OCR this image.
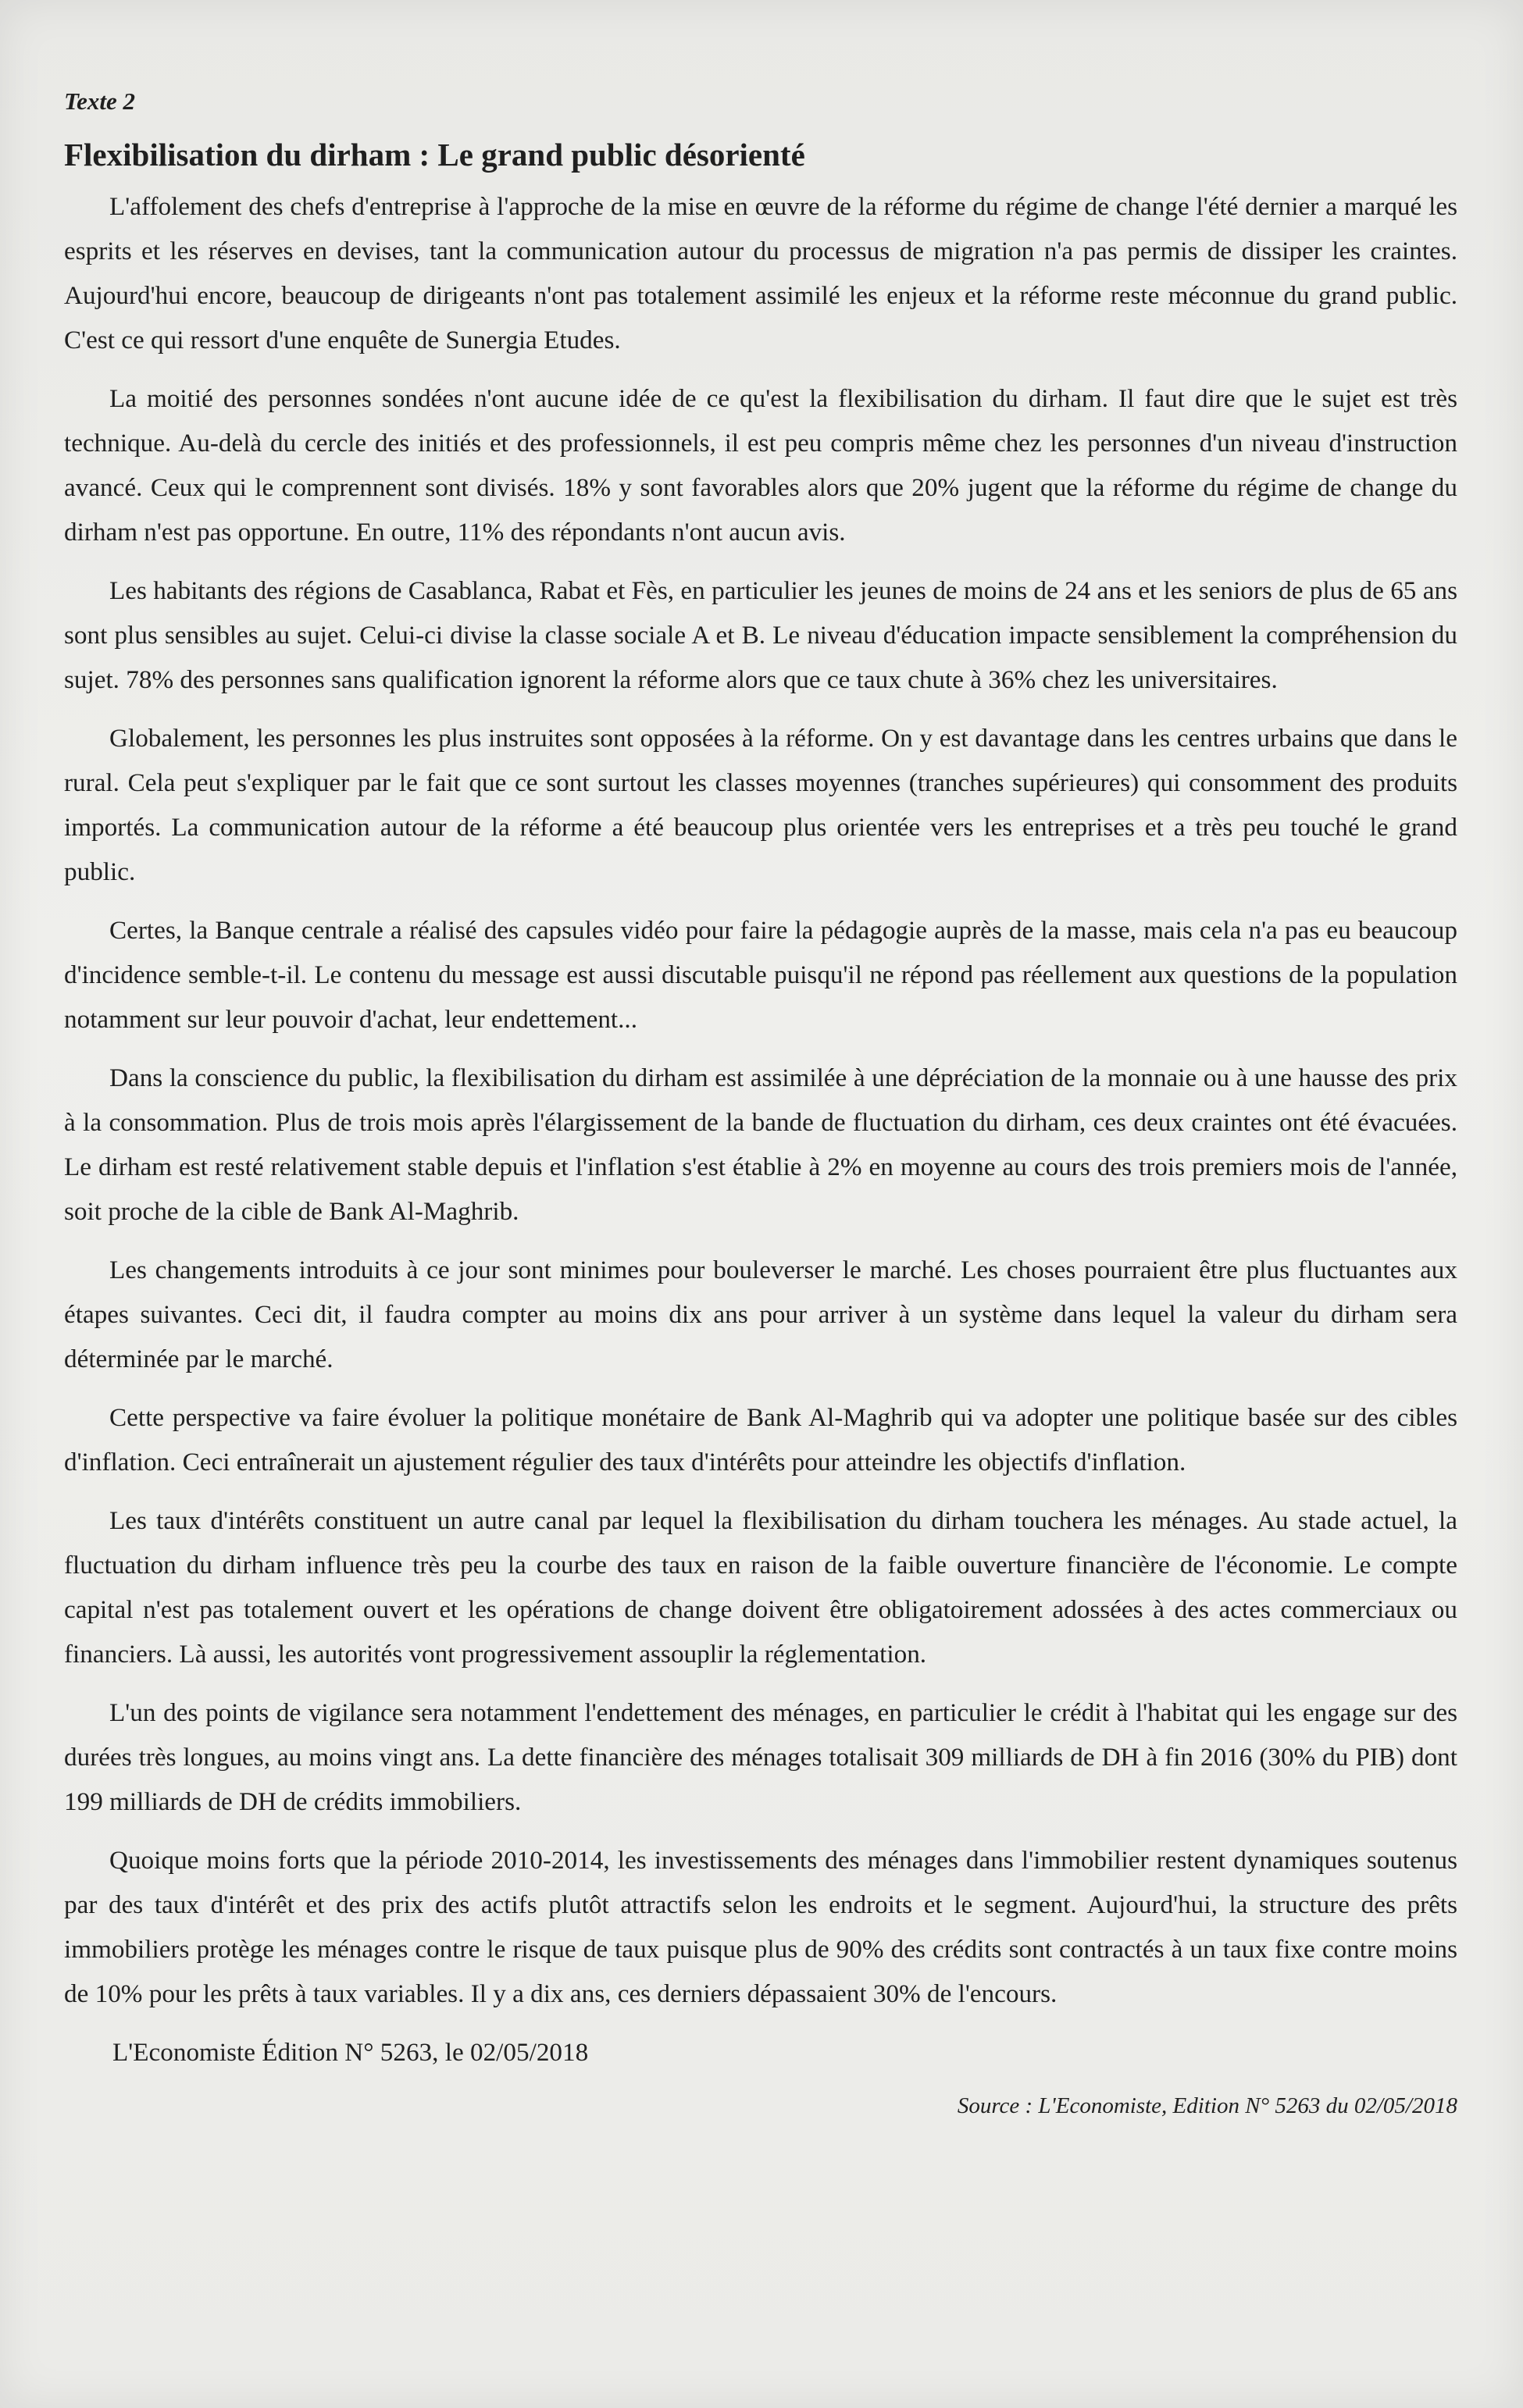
Texte 2
Flexibilisation du dirham : Le grand public désorienté

L'affolement des chefs d'entreprise à l'approche de la mise en œuvre de la réforme du régime de change l'été dernier a marqué les esprits et les réserves en devises, tant la communication autour du processus de migration n'a pas permis de dissiper les craintes. Aujourd'hui encore, beaucoup de dirigeants n'ont pas totalement assimilé les enjeux et la réforme reste méconnue du grand public. C'est ce qui ressort d'une enquête de Sunergia Etudes.

La moitié des personnes sondées n'ont aucune idée de ce qu'est la flexibilisation du dirham. Il faut dire que le sujet est très technique. Au-delà du cercle des initiés et des professionnels, il est peu compris même chez les personnes d'un niveau d'instruction avancé. Ceux qui le comprennent sont divisés. 18% y sont favorables alors que 20% jugent que la réforme du régime de change du dirham n'est pas opportune. En outre, 11% des répondants n'ont aucun avis.

Les habitants des régions de Casablanca, Rabat et Fès, en particulier les jeunes de moins de 24 ans et les seniors de plus de 65 ans sont plus sensibles au sujet. Celui-ci divise la classe sociale A et B. Le niveau d'éducation impacte sensiblement la compréhension du sujet. 78% des personnes sans qualification ignorent la réforme alors que ce taux chute à 36% chez les universitaires.

Globalement, les personnes les plus instruites sont opposées à la réforme. On y est davantage dans les centres urbains que dans le rural. Cela peut s'expliquer par le fait que ce sont surtout les classes moyennes (tranches supérieures) qui consomment des produits importés. La communication autour de la réforme a été beaucoup plus orientée vers les entreprises et a très peu touché le grand public.

Certes, la Banque centrale a réalisé des capsules vidéo pour faire la pédagogie auprès de la masse, mais cela n'a pas eu beaucoup d'incidence semble-t-il. Le contenu du message est aussi discutable puisqu'il ne répond pas réellement aux questions de la population notamment sur leur pouvoir d'achat, leur endettement...

Dans la conscience du public, la flexibilisation du dirham est assimilée à une dépréciation de la monnaie ou à une hausse des prix à la consommation. Plus de trois mois après l'élargissement de la bande de fluctuation du dirham, ces deux craintes ont été évacuées. Le dirham est resté relativement stable depuis et l'inflation s'est établie à 2% en moyenne au cours des trois premiers mois de l'année, soit proche de la cible de Bank Al-Maghrib.

Les changements introduits à ce jour sont minimes pour bouleverser le marché. Les choses pourraient être plus fluctuantes aux étapes suivantes. Ceci dit, il faudra compter au moins dix ans pour arriver à un système dans lequel la valeur du dirham sera déterminée par le marché.

Cette perspective va faire évoluer la politique monétaire de Bank Al-Maghrib qui va adopter une politique basée sur des cibles d'inflation. Ceci entraînerait un ajustement régulier des taux d'intérêts pour atteindre les objectifs d'inflation.

Les taux d'intérêts constituent un autre canal par lequel la flexibilisation du dirham touchera les ménages. Au stade actuel, la fluctuation du dirham influence très peu la courbe des taux en raison de la faible ouverture financière de l'économie. Le compte capital n'est pas totalement ouvert et les opérations de change doivent être obligatoirement adossées à des actes commerciaux ou financiers. Là aussi, les autorités vont progressivement assouplir la réglementation.

L'un des points de vigilance sera notamment l'endettement des ménages, en particulier le crédit à l'habitat qui les engage sur des durées très longues, au moins vingt ans. La dette financière des ménages totalisait 309 milliards de DH à fin 2016 (30% du PIB) dont 199 milliards de DH de crédits immobiliers.

Quoique moins forts que la période 2010-2014, les investissements des ménages dans l'immobilier restent dynamiques soutenus par des taux d'intérêt et des prix des actifs plutôt attractifs selon les endroits et le segment. Aujourd'hui, la structure des prêts immobiliers protège les ménages contre le risque de taux puisque plus de 90% des crédits sont contractés à un taux fixe contre moins de 10% pour les prêts à taux variables. Il y a dix ans, ces derniers dépassaient 30% de l'encours.

L'Economiste Édition N° 5263, le 02/05/2018

Source : L'Economiste, Edition N° 5263 du 02/05/2018
